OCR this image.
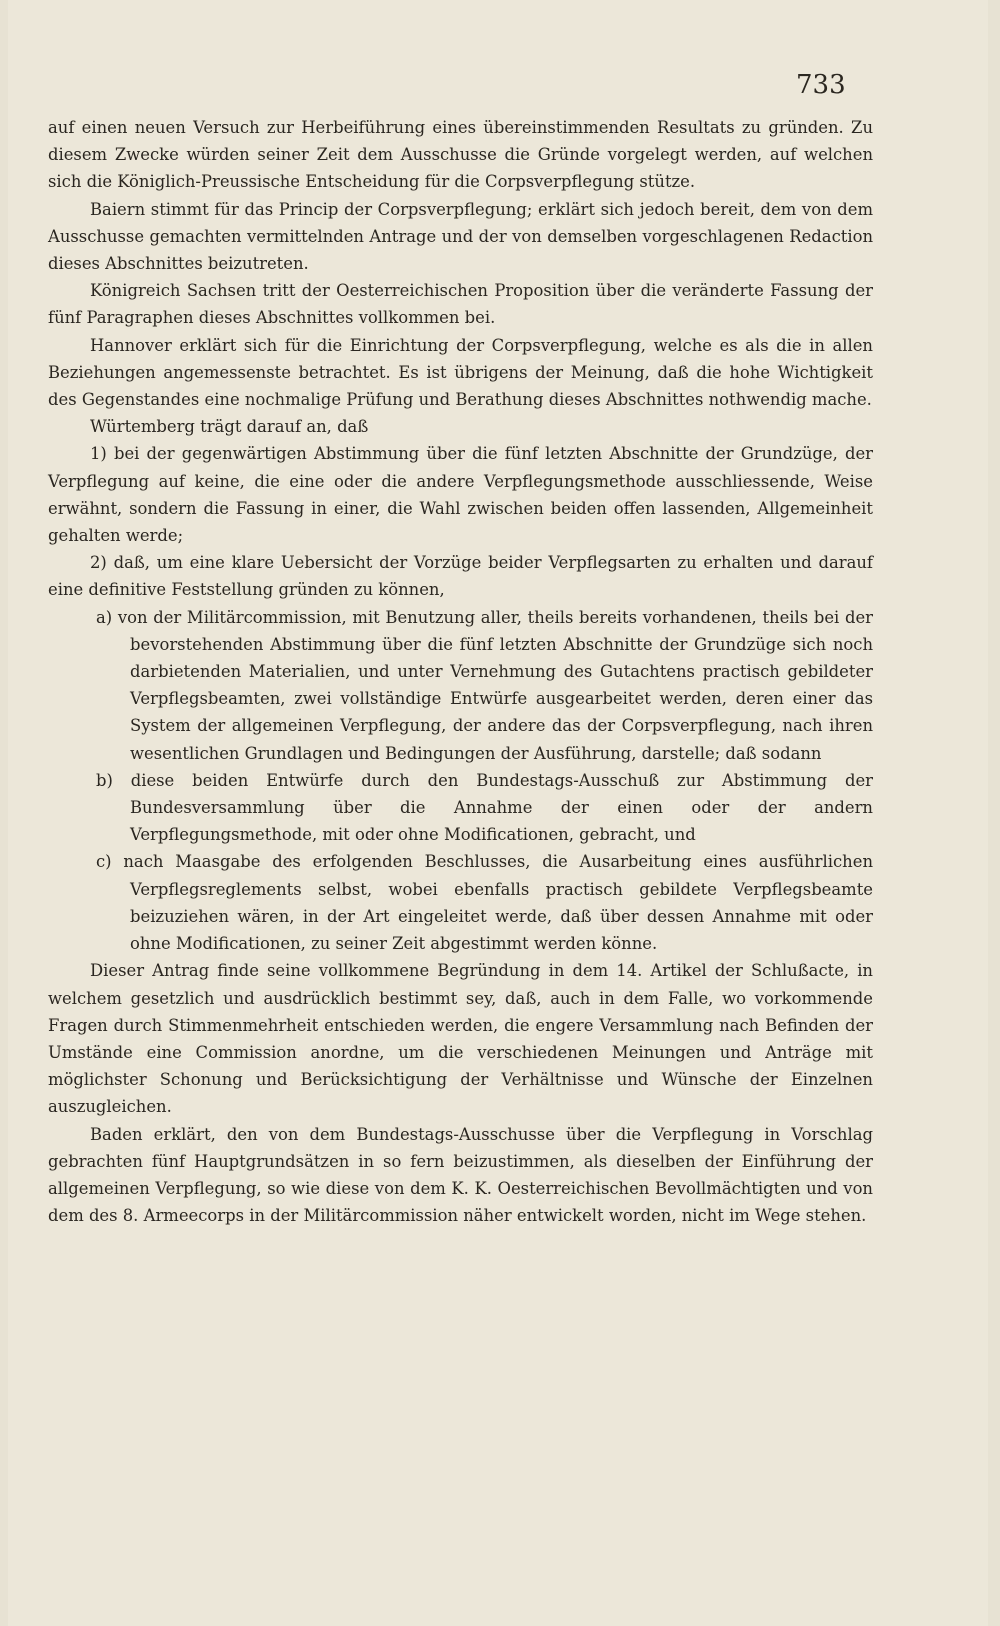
733

auf einen neuen Versuch zur Herbeiführung eines übereinstimmenden Resultats zu gründen. Zu diesem Zwecke würden seiner Zeit dem Ausschusse die Gründe vorgelegt werden, auf welchen sich die Königlich-Preussische Entscheidung für die Corpsverpflegung stütze.

Baiern stimmt für das Princip der Corpsverpflegung; erklärt sich jedoch bereit, dem von dem Ausschusse gemachten vermittelnden Antrage und der von demselben vorgeschlagenen Redaction dieses Abschnittes beizutreten.

Königreich Sachsen tritt der Oesterreichischen Proposition über die veränderte Fassung der fünf Paragraphen dieses Abschnittes vollkommen bei.

Hannover erklärt sich für die Einrichtung der Corpsverpflegung, welche es als die in allen Beziehungen angemessenste betrachtet. Es ist übrigens der Meinung, daß die hohe Wichtigkeit des Gegenstandes eine nochmalige Prüfung und Berathung dieses Abschnittes nothwendig mache.

Würtemberg trägt darauf an, daß

1) bei der gegenwärtigen Abstimmung über die fünf letzten Abschnitte der Grundzüge, der Verpflegung auf keine, die eine oder die andere Verpflegungsmethode ausschliessende, Weise erwähnt, sondern die Fassung in einer, die Wahl zwischen beiden offen lassenden, Allgemeinheit gehalten werde;

2) daß, um eine klare Uebersicht der Vorzüge beider Verpflegsarten zu erhalten und darauf eine definitive Feststellung gründen zu können,

a) von der Militärcommission, mit Benutzung aller, theils bereits vorhandenen, theils bei der bevorstehenden Abstimmung über die fünf letzten Abschnitte der Grundzüge sich noch darbietenden Materialien, und unter Vernehmung des Gutachtens practisch gebildeter Verpflegsbeamten, zwei vollständige Entwürfe ausgearbeitet werden, deren einer das System der allgemeinen Verpflegung, der andere das der Corpsverpflegung, nach ihren wesentlichen Grundlagen und Bedingungen der Ausführung, darstelle; daß sodann

b) diese beiden Entwürfe durch den Bundestags-Ausschuß zur Abstimmung der Bundesversammlung über die Annahme der einen oder der andern Verpflegungsmethode, mit oder ohne Modificationen, gebracht, und

c) nach Maasgabe des erfolgenden Beschlusses, die Ausarbeitung eines ausführlichen Verpflegsreglements selbst, wobei ebenfalls practisch gebildete Verpflegsbeamte beizuziehen wären, in der Art eingeleitet werde, daß über dessen Annahme mit oder ohne Modificationen, zu seiner Zeit abgestimmt werden könne.

Dieser Antrag finde seine vollkommene Begründung in dem 14. Artikel der Schlußacte, in welchem gesetzlich und ausdrücklich bestimmt sey, daß, auch in dem Falle, wo vorkommende Fragen durch Stimmenmehrheit entschieden werden, die engere Versammlung nach Befinden der Umstände eine Commission anordne, um die verschiedenen Meinungen und Anträge mit möglichster Schonung und Berücksichtigung der Verhältnisse und Wünsche der Einzelnen auszugleichen.

Baden erklärt, den von dem Bundestags-Ausschusse über die Verpflegung in Vorschlag gebrachten fünf Hauptgrundsätzen in so fern beizustimmen, als dieselben der Einführung der allgemeinen Verpflegung, so wie diese von dem K. K. Oesterreichischen Bevollmächtigten und von dem des 8. Armeecorps in der Militärcommission näher entwickelt worden, nicht im Wege stehen.
